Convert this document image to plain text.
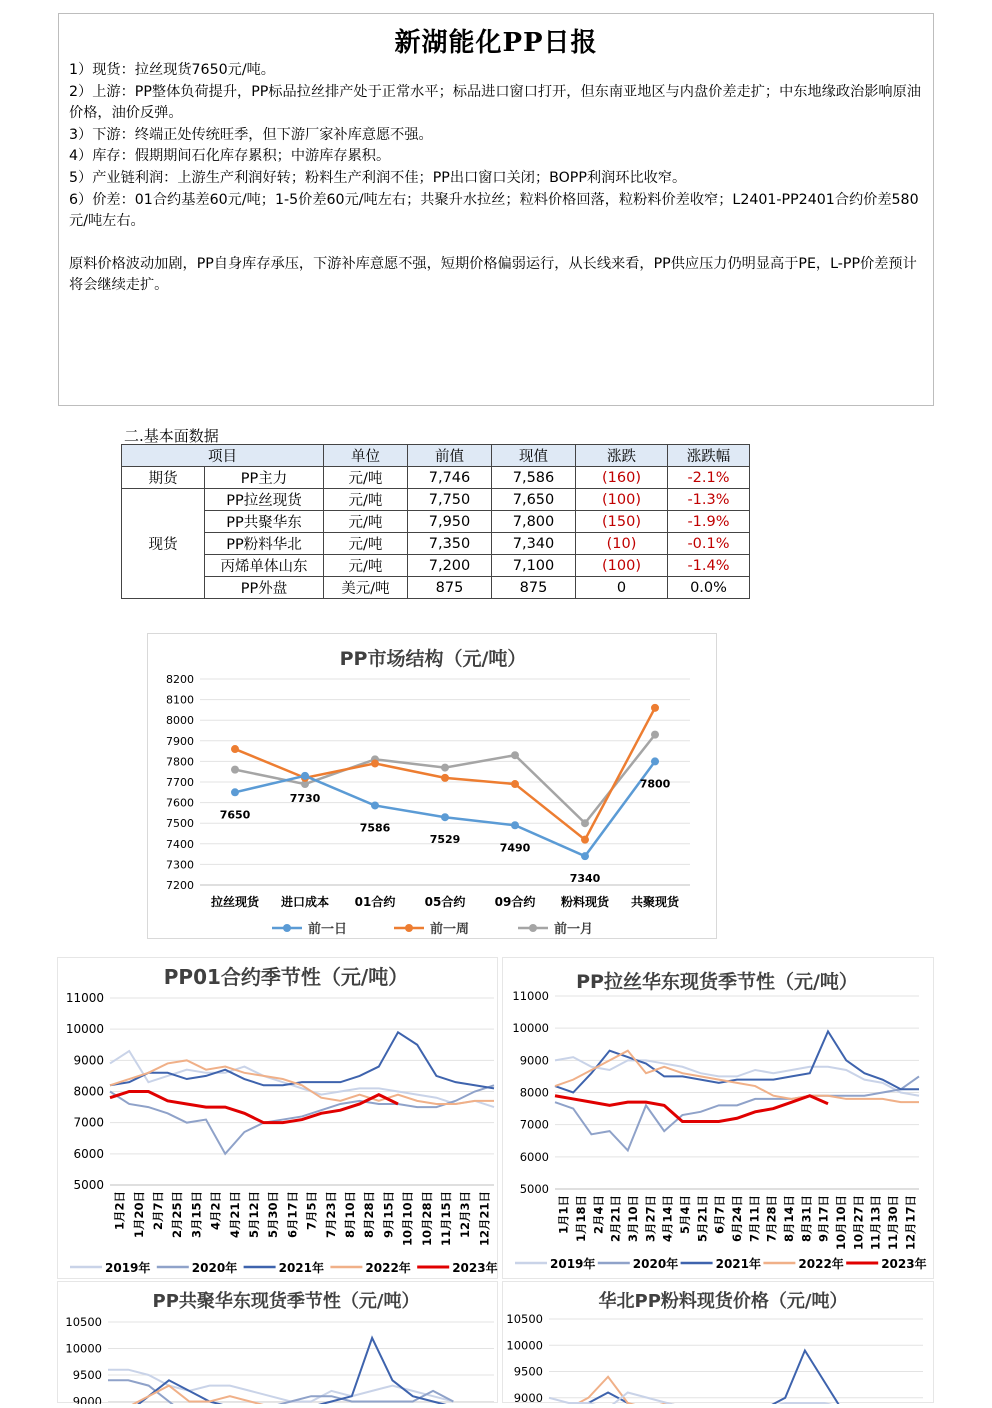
新湖能化PP日报

1）现货：拉丝现货7650元/吨。

2）上游：PP整体负荷提升，PP标品拉丝排产处于正常水平；标品进口窗口打开，但东南亚地区与内盘价差走扩；中东地缘政治影响原油价格，油价反弹。

3）下游：终端正处传统旺季，但下游厂家补库意愿不强。

4）库存：假期期间石化库存累积；中游库存累积。

5）产业链利润：上游生产利润好转；粉料生产利润不佳；PP出口窗口关闭；BOPP利润环比收窄。

6）价差：01合约基差60元/吨；1-5价差60元/吨左右；共聚升水拉丝；粒料价格回落，粒粉料价差收窄；L2401-PP2401合约价差580元/吨左右。

原料价格波动加剧，PP自身库存承压，下游补库意愿不强，短期价格偏弱运行，从长线来看，PP供应压力仍明显高于PE，L-PP价差预计将会继续走扩。

二.基本面数据
项目		单位	前值	现值	涨跌	涨跌幅
期货	PP主力	元/吨	7,746	7,586	(160)	-2.1%
现货	PP拉丝现货	元/吨	7,750	7,650	(100)	-1.3%
	PP共聚华东	元/吨	7,950	7,800	(150)	-1.9%
	PP粉料华北	元/吨	7,350	7,340	(10)	-0.1%
	丙烯单体山东	元/吨	7,200	7,100	(100)	-1.4%
	PP外盘	美元/吨	875	875	0	0.0%
PP市场结构（元/吨）
7200
7300
7400
7500
7600
7700
7800
7900
8000
8100
8200
拉丝现货 进口成本 01合约 05合约 09合约 粉料现货 共聚现货
7650
7730
7586
7529
7490
7340
7800
前一日	前一周	前一月
PP01合约季节性（元/吨）
5000
6000
7000
8000
9000
10000
11000
1月2日 1月20日 2月7日 2月25日 3月15日 4月2日 4月21日 5月12日 5月30日 6月17日 7月5日 7月23日 8月10日 8月28日 9月15日 10月10日 10月28日 11月15日 12月3日 12月21日
2019年	2020年	2021年	2022年	2023年
PP拉丝华东现货季节性（元/吨）
5000
6000
7000
8000
9000
10000
11000
1月1日 1月18日 2月4日 2月21日 3月10日 3月27日 4月14日 5月4日 5月21日 6月7日 6月24日 7月11日 7月28日 8月14日 8月31日 9月17日 10月10日 10月27日 11月13日 11月30日 12月17日
2019年	2020年	2021年	2022年	2023年
PP共聚华东现货季节性（元/吨）
9000
9500
10000
10500
华北PP粉料现货价格（元/吨）
9000
9500
10000
10500
